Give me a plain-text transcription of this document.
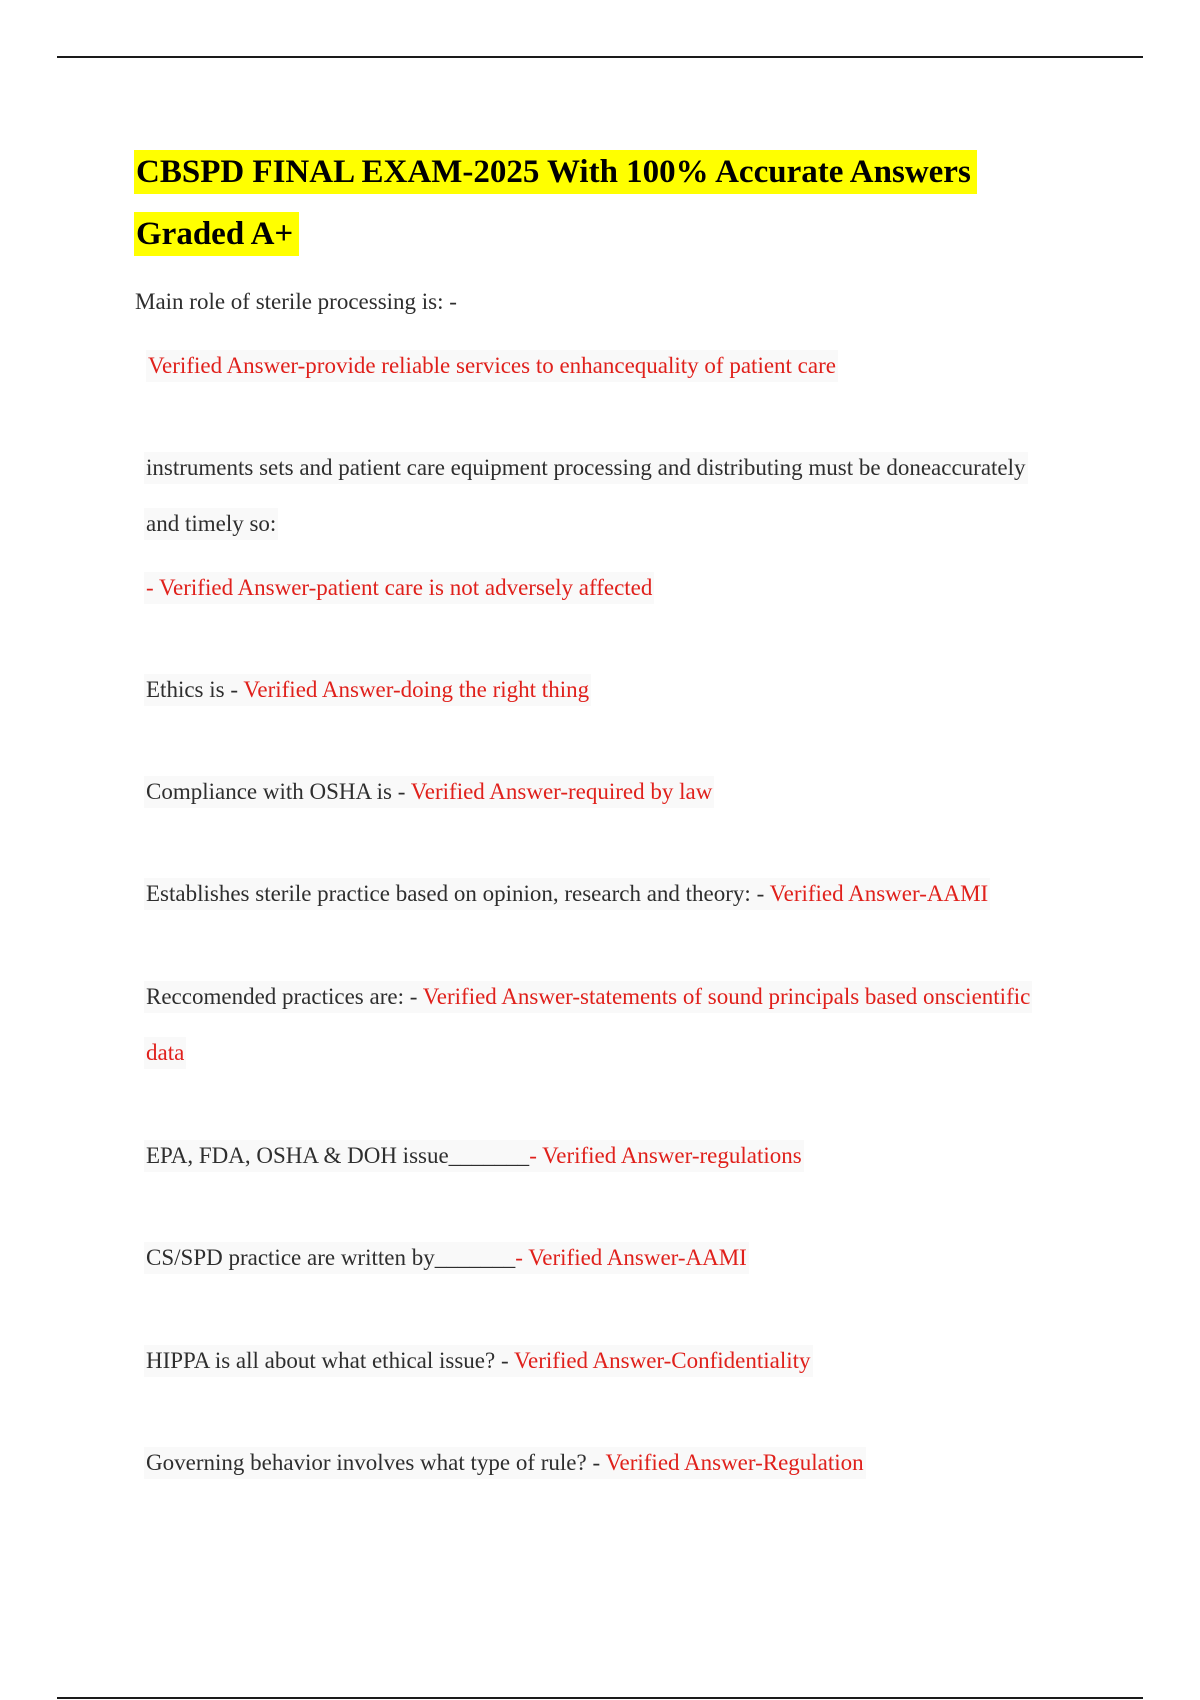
CBSPD FINAL EXAM-2025 With 100% Accurate Answers
Graded A+
Main role of sterile processing is: -
Verified Answer-provide reliable services to enhancequality of patient care
instruments sets and patient care equipment processing and distributing must be doneaccurately
and timely so:
- Verified Answer-patient care is not adversely affected
Ethics is - Verified Answer-doing the right thing
Compliance with OSHA is - Verified Answer-required by law
Establishes sterile practice based on opinion, research and theory: - Verified Answer-AAMI
Reccomended practices are: - Verified Answer-statements of sound principals based onscientific
data
EPA, FDA, OSHA & DOH issue_______- Verified Answer-regulations
CS/SPD practice are written by_______- Verified Answer-AAMI
HIPPA is all about what ethical issue? - Verified Answer-Confidentiality
Governing behavior involves what type of rule? - Verified Answer-Regulation
